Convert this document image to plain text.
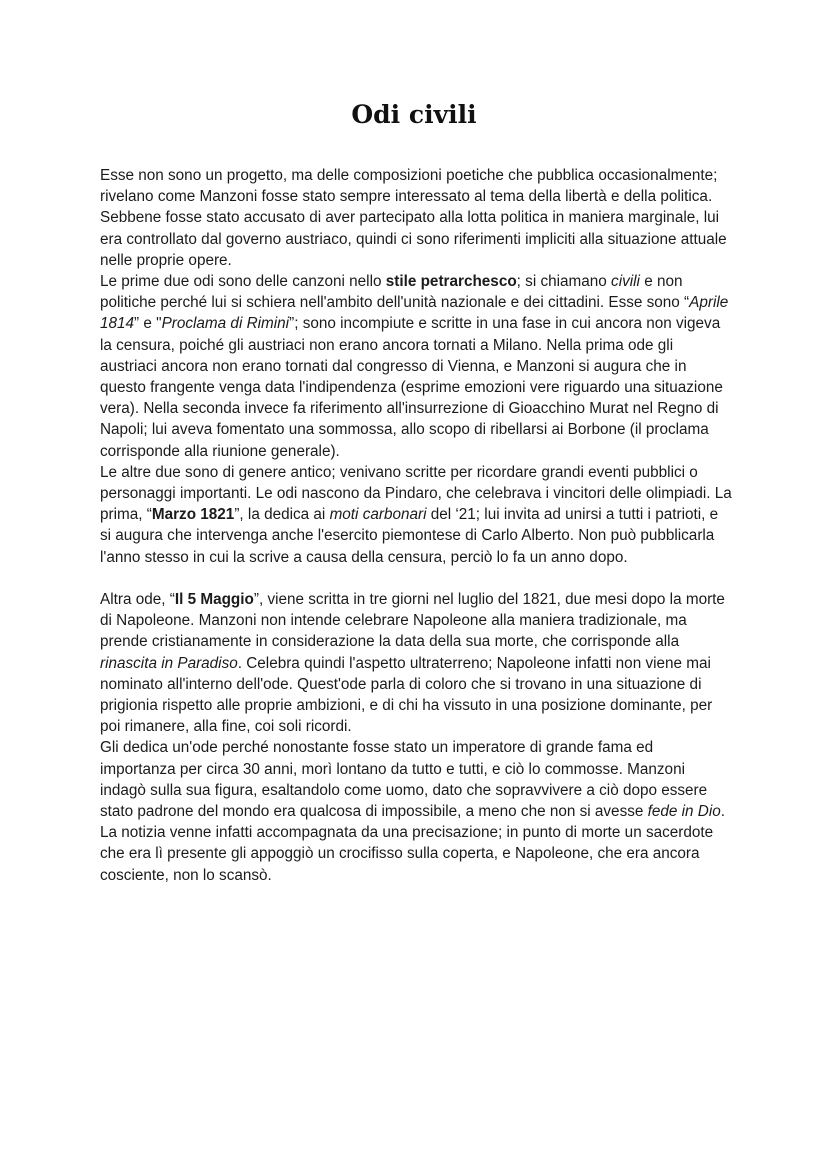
Odi civili

Esse non sono un progetto, ma delle composizioni poetiche che pubblica occasionalmente; rivelano come Manzoni fosse stato sempre interessato al tema della libertà e della politica. Sebbene fosse stato accusato di aver partecipato alla lotta politica in maniera marginale, lui era controllato dal governo austriaco, quindi ci sono riferimenti impliciti alla situazione attuale nelle proprie opere.

Le prime due odi sono delle canzoni nello stile petrarchesco; si chiamano civili e non politiche perché lui si schiera nell'ambito dell'unità nazionale e dei cittadini. Esse sono “Aprile 1814” e "Proclama di Rimini”; sono incompiute e scritte in una fase in cui ancora non vigeva la censura, poiché gli austriaci non erano ancora tornati a Milano. Nella prima ode gli austriaci ancora non erano tornati dal congresso di Vienna, e Manzoni si augura che in questo frangente venga data l'indipendenza (esprime emozioni vere riguardo una situazione vera). Nella seconda invece fa riferimento all'insurrezione di Gioacchino Murat nel Regno di Napoli; lui aveva fomentato una sommossa, allo scopo di ribellarsi ai Borbone (il proclama corrisponde alla riunione generale).

Le altre due sono di genere antico; venivano scritte per ricordare grandi eventi pubblici o personaggi importanti. Le odi nascono da Pindaro, che celebrava i vincitori delle olimpiadi. La prima, “Marzo 1821”, la dedica ai moti carbonari del ‘21; lui invita ad unirsi a tutti i patrioti, e si augura che intervenga anche l'esercito piemontese di Carlo Alberto. Non può pubblicarla l'anno stesso in cui la scrive a causa della censura, perciò lo fa un anno dopo.

Altra ode, “Il 5 Maggio”, viene scritta in tre giorni nel luglio del 1821, due mesi dopo la morte di Napoleone. Manzoni non intende celebrare Napoleone alla maniera tradizionale, ma prende cristianamente in considerazione la data della sua morte, che corrisponde alla rinascita in Paradiso. Celebra quindi l'aspetto ultraterreno; Napoleone infatti non viene mai nominato all'interno dell'ode. Quest'ode parla di coloro che si trovano in una situazione di prigionia rispetto alle proprie ambizioni, e di chi ha vissuto in una posizione dominante, per poi rimanere, alla fine, coi soli ricordi.

Gli dedica un'ode perché nonostante fosse stato un imperatore di grande fama ed importanza per circa 30 anni, morì lontano da tutto e tutti, e ciò lo commosse. Manzoni indagò sulla sua figura, esaltandolo come uomo, dato che sopravvivere a ciò dopo essere stato padrone del mondo era qualcosa di impossibile, a meno che non si avesse fede in Dio. La notizia venne infatti accompagnata da una precisazione; in punto di morte un sacerdote che era lì presente gli appoggiò un crocifisso sulla coperta, e Napoleone, che era ancora cosciente, non lo scansò.
